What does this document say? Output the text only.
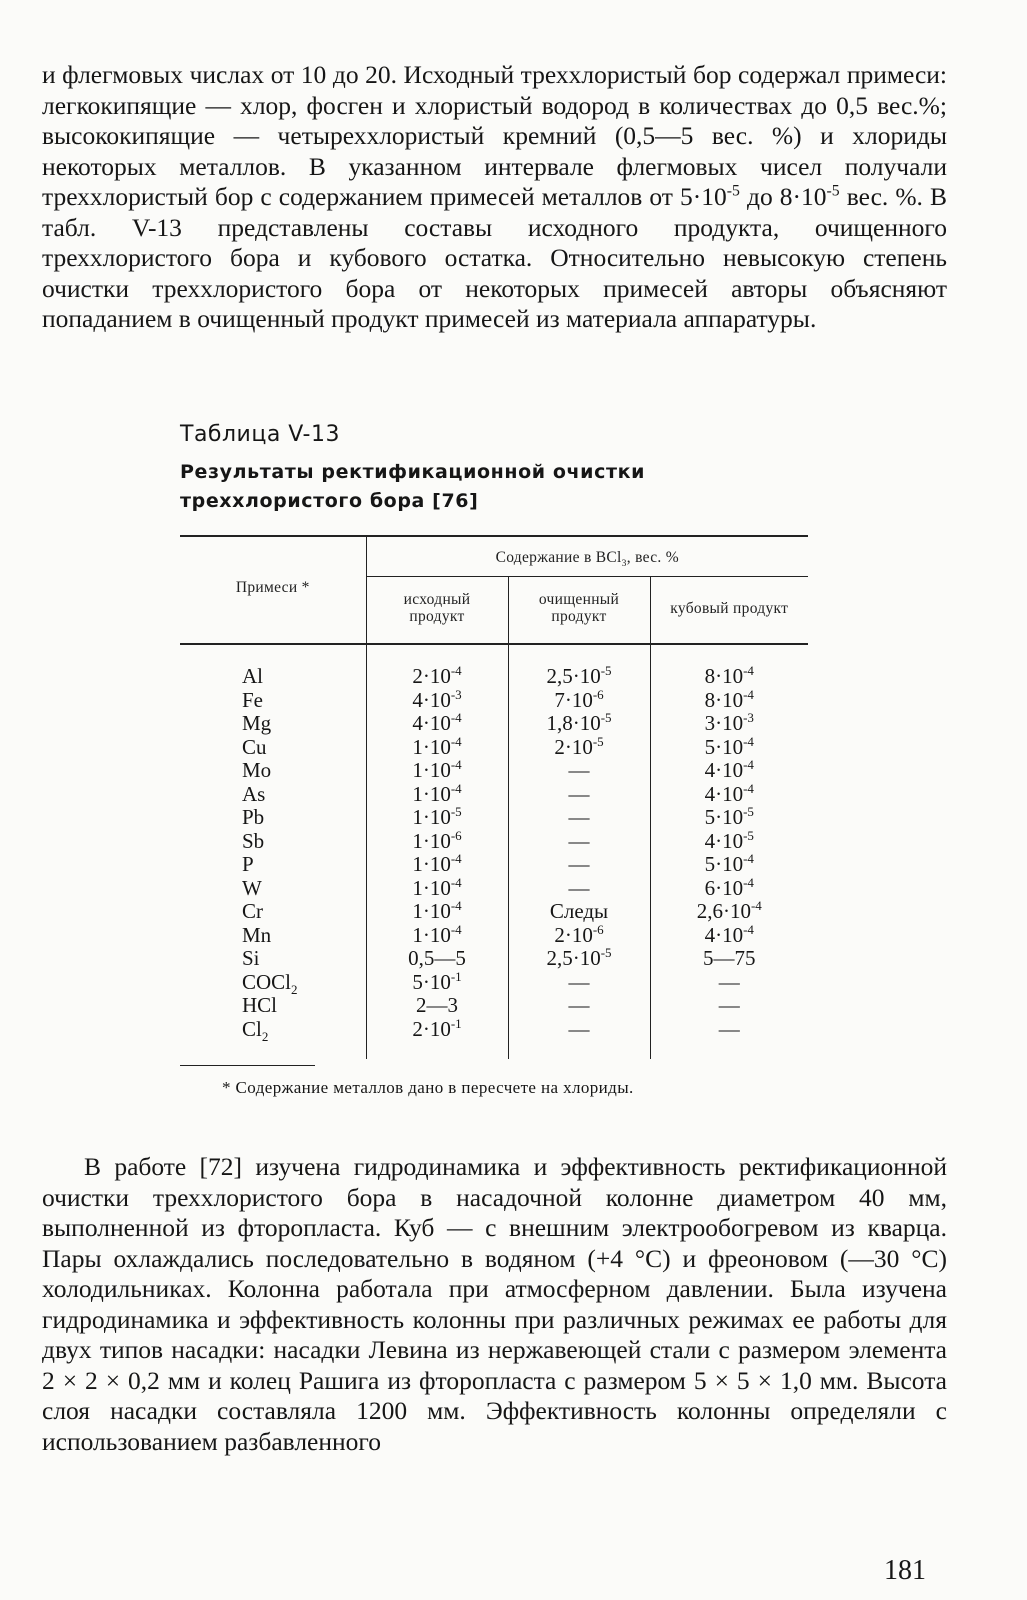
и флегмовых числах от 10 до 20. Исходный треххлористый бор содержал примеси: легкокипящие — хлор, фосген и хлористый водород в количествах до 0,5 вес.%; высококипящие — четыреххлористый кремний (0,5—5 вес. %) и хлориды некоторых металлов. В указанном интервале флегмовых чисел получали треххлористый бор с содержанием примесей металлов от $5\cdot 10^{-5}$ до $8\cdot 10^{-5}$ вес. %. В табл. V-13 представлены составы исходного продукта, очищенного треххлористого бора и кубового остатка. Относительно невысокую степень очистки треххлористого бора от некоторых примесей авторы объясняют попаданием в очищенный продукт примесей из материала аппаратуры.

Таблица V-13
Результаты ректификационной очистки треххлористого бора [76]
Примеси *	Содержание в BCl$_3$, вес. %		
	исходный продукт	очищенный продукт	кубовый продукт
Al	$2\cdot 10^{-4}$	$2,5\cdot 10^{-5}$	$8\cdot 10^{-4}$
Fe	$4\cdot 10^{-3}$	$7\cdot 10^{-6}$	$8\cdot 10^{-4}$
Mg	$4\cdot 10^{-4}$	$1,8\cdot 10^{-5}$	$3\cdot 10^{-3}$
Cu	$1\cdot 10^{-4}$	$2\cdot 10^{-5}$	$5\cdot 10^{-4}$
Mo	$1\cdot 10^{-4}$	—	$4\cdot 10^{-4}$
As	$1\cdot 10^{-4}$	—	$4\cdot 10^{-4}$
Pb	$1\cdot 10^{-5}$	—	$5\cdot 10^{-5}$
Sb	$1\cdot 10^{-6}$	—	$4\cdot 10^{-5}$
P	$1\cdot 10^{-4}$	—	$5\cdot 10^{-4}$
W	$1\cdot 10^{-4}$	—	$6\cdot 10^{-4}$
Cr	$1\cdot 10^{-4}$	Следы	$2,6\cdot 10^{-4}$
Mn	$1\cdot 10^{-4}$	$2\cdot 10^{-6}$	$4\cdot 10^{-4}$
Si	0,5—5	$2,5\cdot 10^{-5}$	5—75
COCl$_2$	$5\cdot 10^{-1}$	—	—
HCl	2—3	—	—
$Cl_2$	$2\cdot 10^{-1}$	—	—
* Содержание металлов дано в пересчете на хлориды.

В работе [72] изучена гидродинамика и эффективность ректификационной очистки треххлористого бора в насадочной колонне диаметром 40 мм, выполненной из фторопласта. Куб — с внешним электрообогревом из кварца. Пары охлаждались последовательно в водяном (+4 °С) и фреоновом (—30 °С) холодильниках. Колонна работала при атмосферном давлении. Была изучена гидродинамика и эффективность колонны при различных режимах ее работы для двух типов насадки: насадки Левина из нержавеющей стали с размером элемента 2 × 2 × 0,2 мм и колец Рашига из фторопласта с размером 5 × 5 × 1,0 мм. Высота слоя насадки составляла 1200 мм. Эффективность колонны определяли с использованием разбавленного

181
